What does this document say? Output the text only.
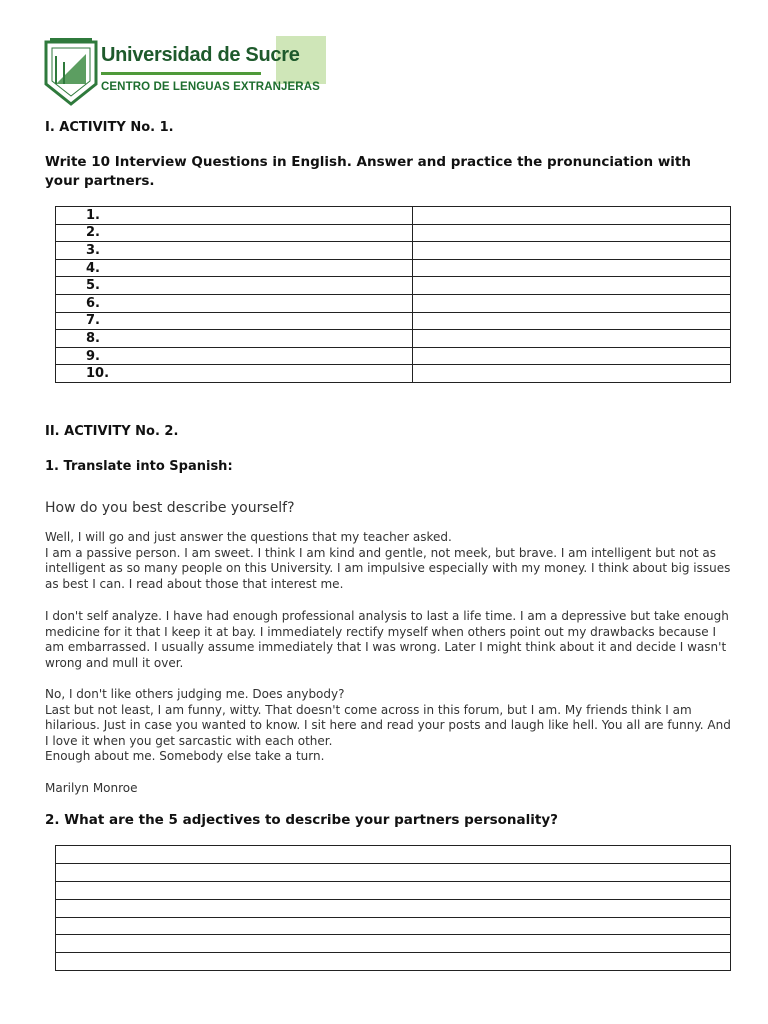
Universidad de Sucre
CENTRO DE LENGUAS EXTRANJERAS
I. ACTIVITY No. 1.
Write 10 Interview Questions in English. Answer and practice the pronunciation with your partners.
1.	
2.	
3.	
4.	
5.	
6.	
7.	
8.	
9.	
10.	
II. ACTIVITY No. 2.
1. Translate into Spanish:
How do you best describe yourself?
Well, I will go and just answer the questions that my teacher asked.
I am a passive person. I am sweet. I think I am kind and gentle, not meek, but brave. I am intelligent but not as intelligent as so many people on this University. I am impulsive especially with my money. I think about big issues as best I can. I read about those that interest me.
I don't self analyze. I have had enough professional analysis to last a life time. I am a depressive but take enough medicine for it that I keep it at bay. I immediately rectify myself when others point out my drawbacks because I am embarrassed. I usually assume immediately that I was wrong. Later I might think about it and decide I wasn't wrong and mull it over.
No, I don't like others judging me. Does anybody?
Last but not least, I am funny, witty. That doesn't come across in this forum, but I am. My friends think I am hilarious. Just in case you wanted to know. I sit here and read your posts and laugh like hell. You all are funny. And I love it when you get sarcastic with each other.
Enough about me. Somebody else take a turn.
Marilyn Monroe
2. What are the 5 adjectives to describe your partners personality?
